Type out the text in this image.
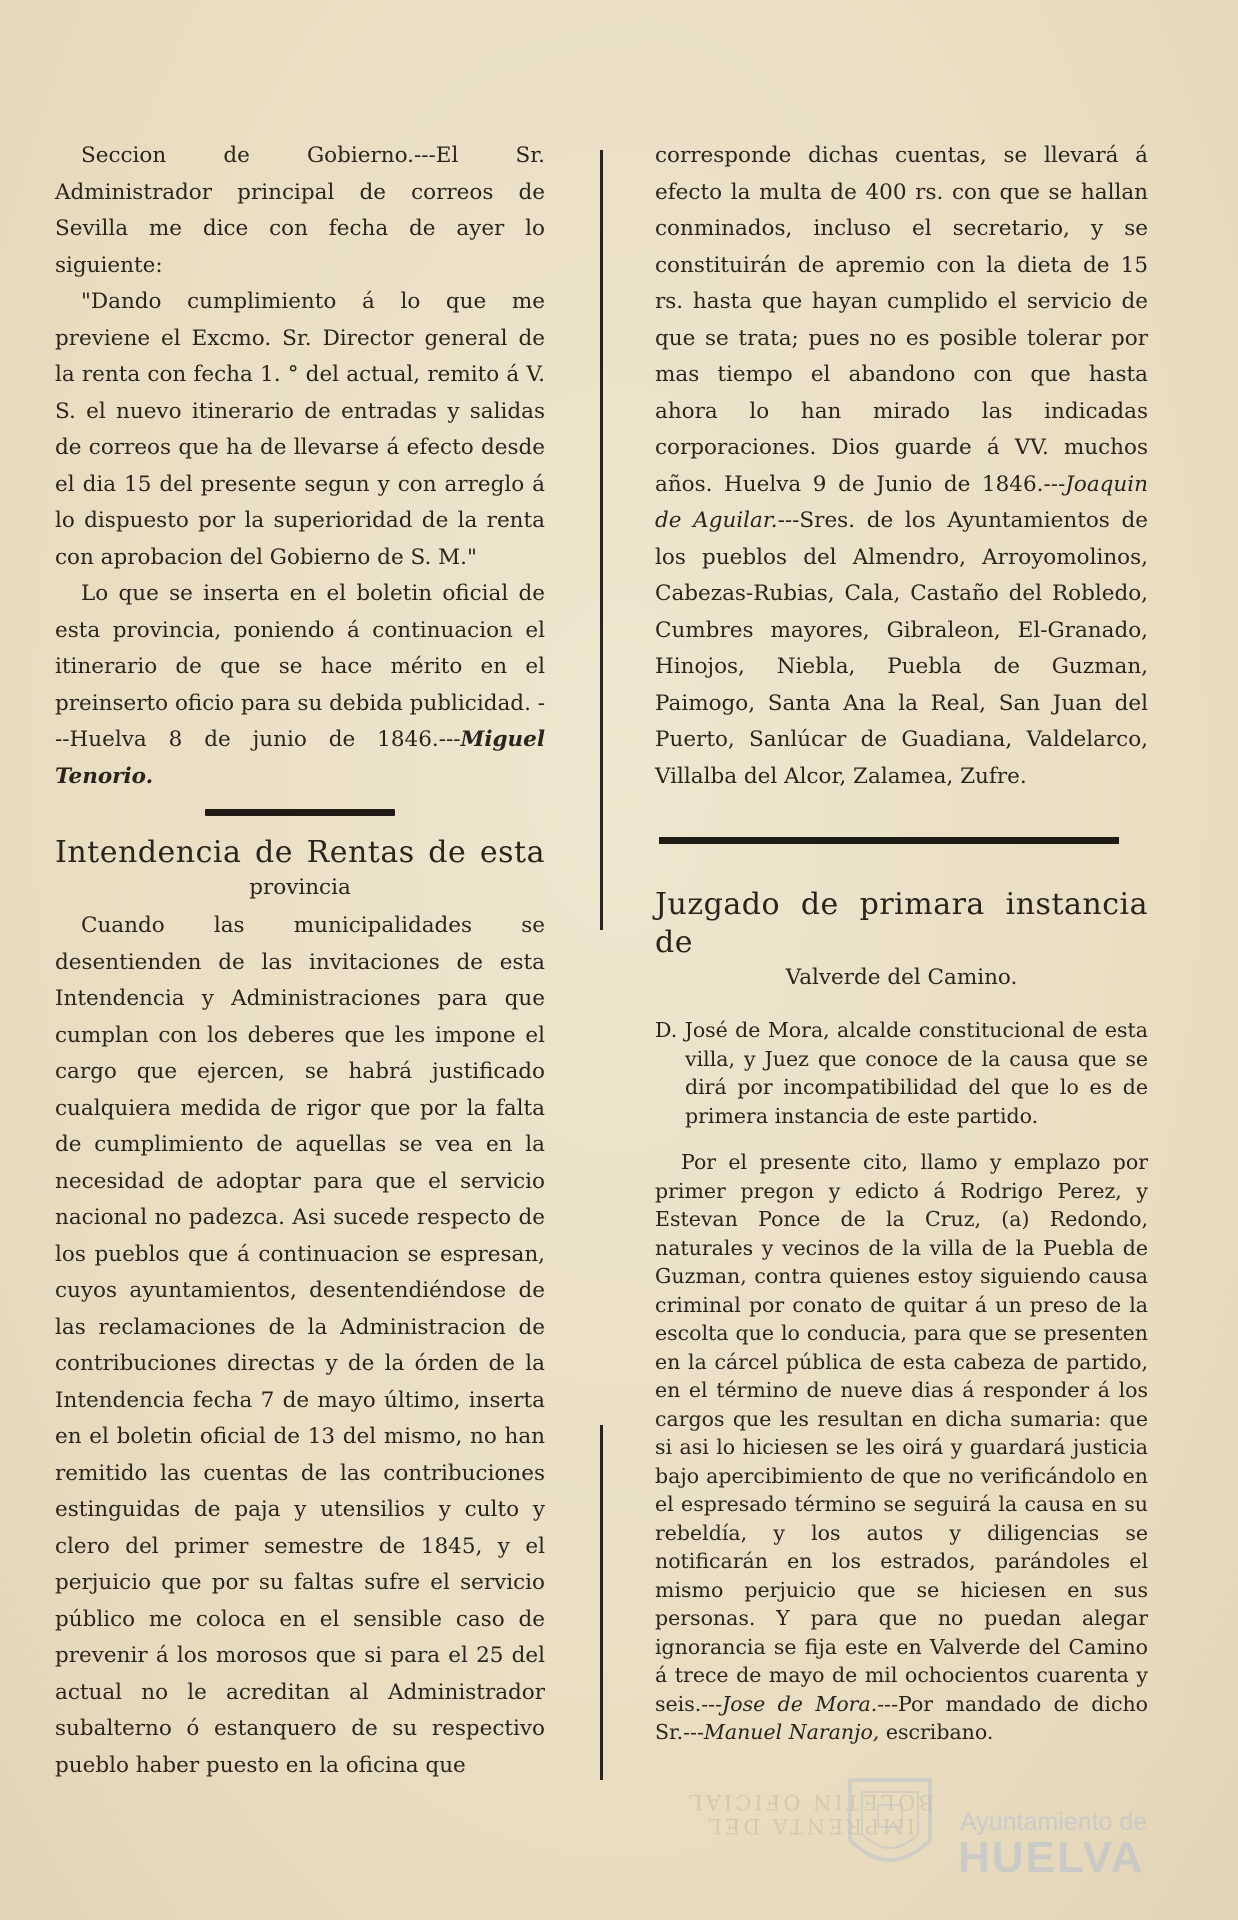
Seccion de Gobierno.---El Sr. Administrador principal de correos de Sevilla me dice con fecha de ayer lo siguiente:

"Dando cumplimiento á lo que me previene el Excmo. Sr. Director general de la renta con fecha 1. ° del actual, remito á V. S. el nuevo itinerario de entradas y salidas de correos que ha de llevarse á efecto desde el dia 15 del presente segun y con arreglo á lo dispuesto por la superioridad de la renta con aprobacion del Gobierno de S. M."

Lo que se inserta en el boletin oficial de esta provincia, poniendo á continuacion el itinerario de que se hace mérito en el preinserto oficio para su debida publicidad. ---Huelva 8 de junio de 1846.---Miguel Tenorio.

Intendencia de Rentas de esta
provincia

Cuando las municipalidades se desentienden de las invitaciones de esta Intendencia y Administraciones para que cumplan con los deberes que les impone el cargo que ejercen, se habrá justificado cualquiera medida de rigor que por la falta de cumplimiento de aquellas se vea en la necesidad de adoptar para que el servicio nacional no padezca. Asi sucede respecto de los pueblos que á continuacion se espresan, cuyos ayuntamientos, desentendiéndose de las reclamaciones de la Administracion de contribuciones directas y de la órden de la Intendencia fecha 7 de mayo último, inserta en el boletin oficial de 13 del mismo, no han remitido las cuentas de las contribuciones estinguidas de paja y utensilios y culto y clero del primer semestre de 1845, y el perjuicio que por su faltas sufre el servicio público me coloca en el sensible caso de prevenir á los morosos que si para el 25 del actual no le acreditan al Administrador subalterno ó estanquero de su respectivo pueblo haber puesto en la oficina que

corresponde dichas cuentas, se llevará á efecto la multa de 400 rs. con que se hallan conminados, incluso el secretario, y se constituirán de apremio con la dieta de 15 rs. hasta que hayan cumplido el servicio de que se trata; pues no es posible tolerar por mas tiempo el abandono con que hasta ahora lo han mirado las indicadas corporaciones. Dios guarde á VV. muchos años. Huelva 9 de Junio de 1846.---Joaquin de Aguilar.---Sres. de los Ayuntamientos de los pueblos del Almendro, Arroyomolinos, Cabezas-Rubias, Cala, Castaño del Robledo, Cumbres mayores, Gibraleon, El-Granado, Hinojos, Niebla, Puebla de Guzman, Paimogo, Santa Ana la Real, San Juan del Puerto, Sanlúcar de Guadiana, Valdelarco, Villalba del Alcor, Zalamea, Zufre.

Juzgado de primara instancia de
Valverde del Camino.

D. José de Mora, alcalde constitucional de esta villa, y Juez que conoce de la causa que se dirá por incompatibilidad del que lo es de primera instancia de este partido.

Por el presente cito, llamo y emplazo por primer pregon y edicto á Rodrigo Perez, y Estevan Ponce de la Cruz, (a) Redondo, naturales y vecinos de la villa de la Puebla de Guzman, contra quienes estoy siguiendo causa criminal por conato de quitar á un preso de la escolta que lo conducia, para que se presenten en la cárcel pública de esta cabeza de partido, en el término de nueve dias á responder á los cargos que les resultan en dicha sumaria: que si asi lo hiciesen se les oirá y guardará justicia bajo apercibimiento de que no verificándolo en el espresado término se seguirá la causa en su rebeldía, y los autos y diligencias se notificarán en los estrados, parándoles el mismo perjuicio que se hiciesen en sus personas. Y para que no puedan alegar ignorancia se fija este en Valverde del Camino á trece de mayo de mil ochocientos cuarenta y seis.---Jose de Mora.---Por mandado de dicho Sr.---Manuel Naranjo, escribano.

IMPRENTA DEL BOLETIN OFICIAL
Ayuntamiento de
HUELVA
